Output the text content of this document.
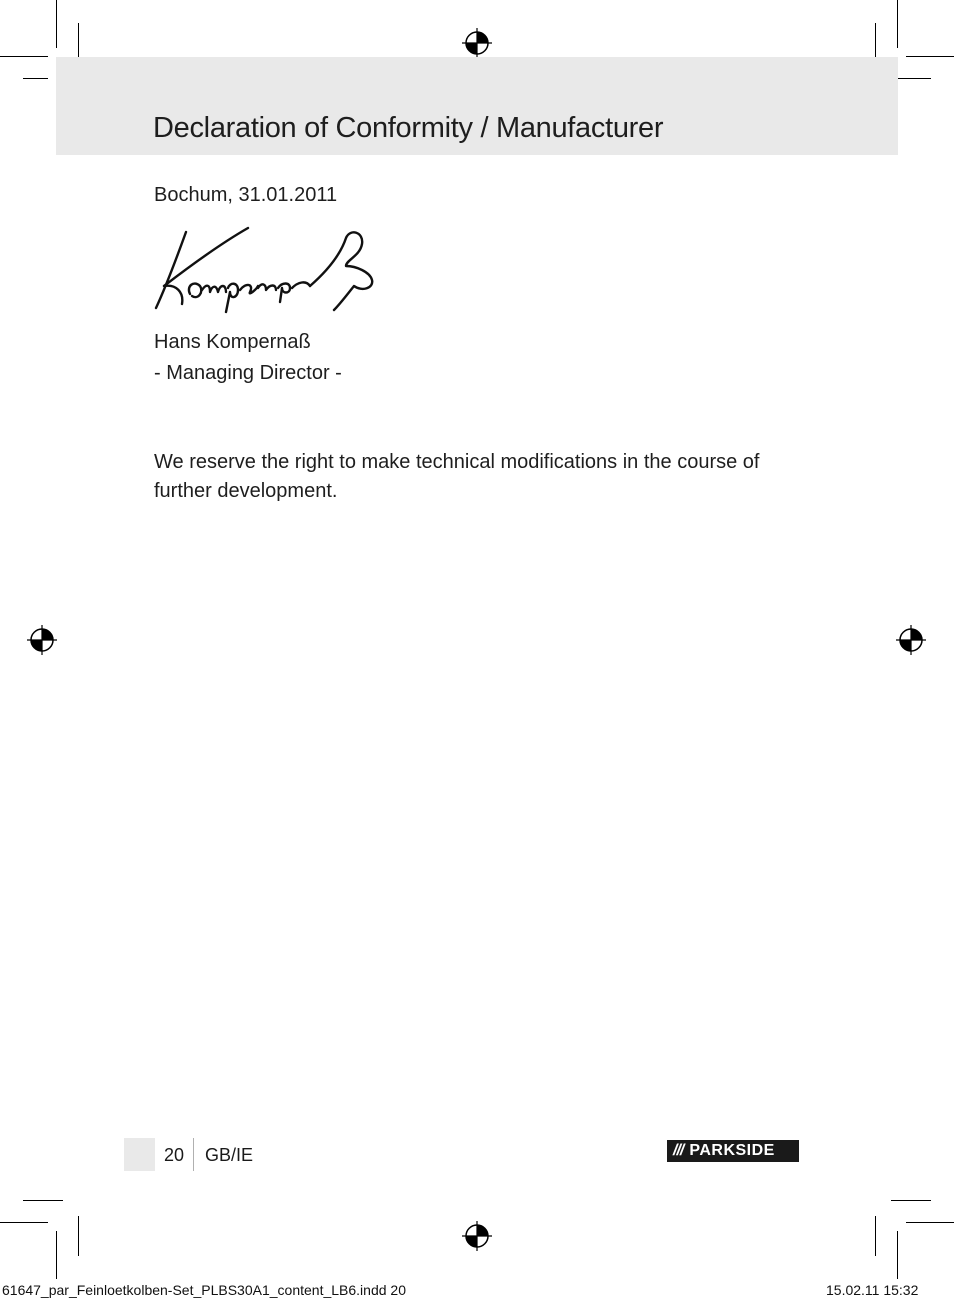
Declaration of Conformity / Manufacturer
Bochum, 31.01.2011
Hans Kompernaß
- Managing Director -
We reserve the right to make technical modifications in the course of
further development.
20 GB/IE	/// PARKSIDE
61647_par_Feinloetkolben-Set_PLBS30A1_content_LB6.indd 20	15.02.11 15:32
